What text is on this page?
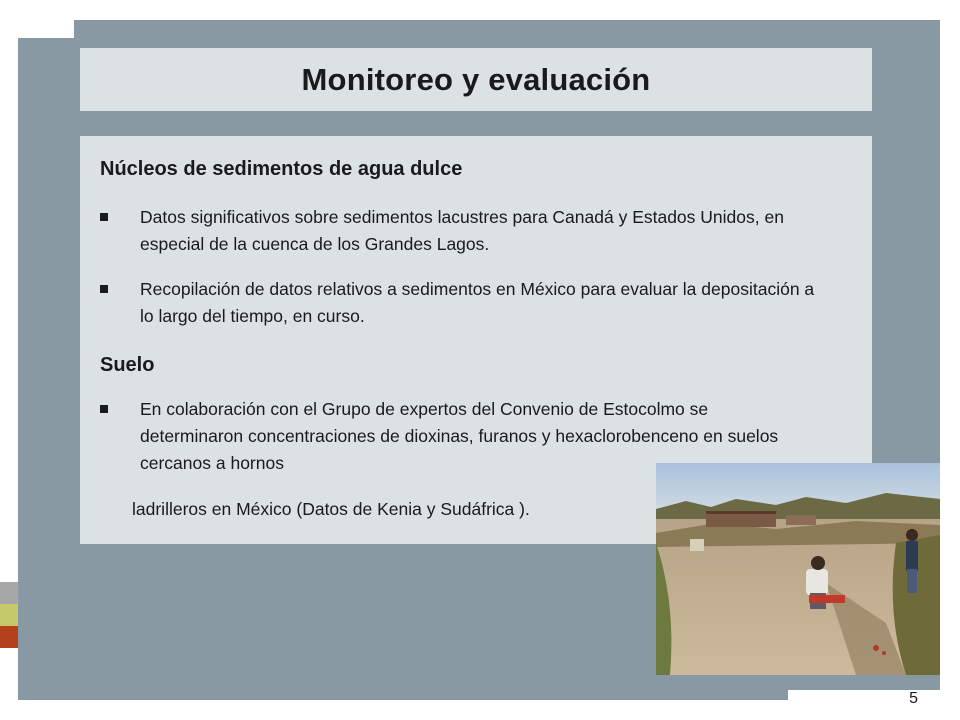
Monitoreo y evaluación
Núcleos de sedimentos de agua dulce
Datos significativos sobre sedimentos lacustres para Canadá y Estados Unidos, en especial de la cuenca de los Grandes Lagos.
Recopilación de datos relativos a sedimentos en México para evaluar la depositación a lo largo del tiempo, en curso.
Suelo
En colaboración con el Grupo de expertos del Convenio de Estocolmo se determinaron concentraciones de dioxinas, furanos y hexaclorobenceno en suelos cercanos a hornos
ladrilleros en México (Datos de Kenia y Sudáfrica ).
5
